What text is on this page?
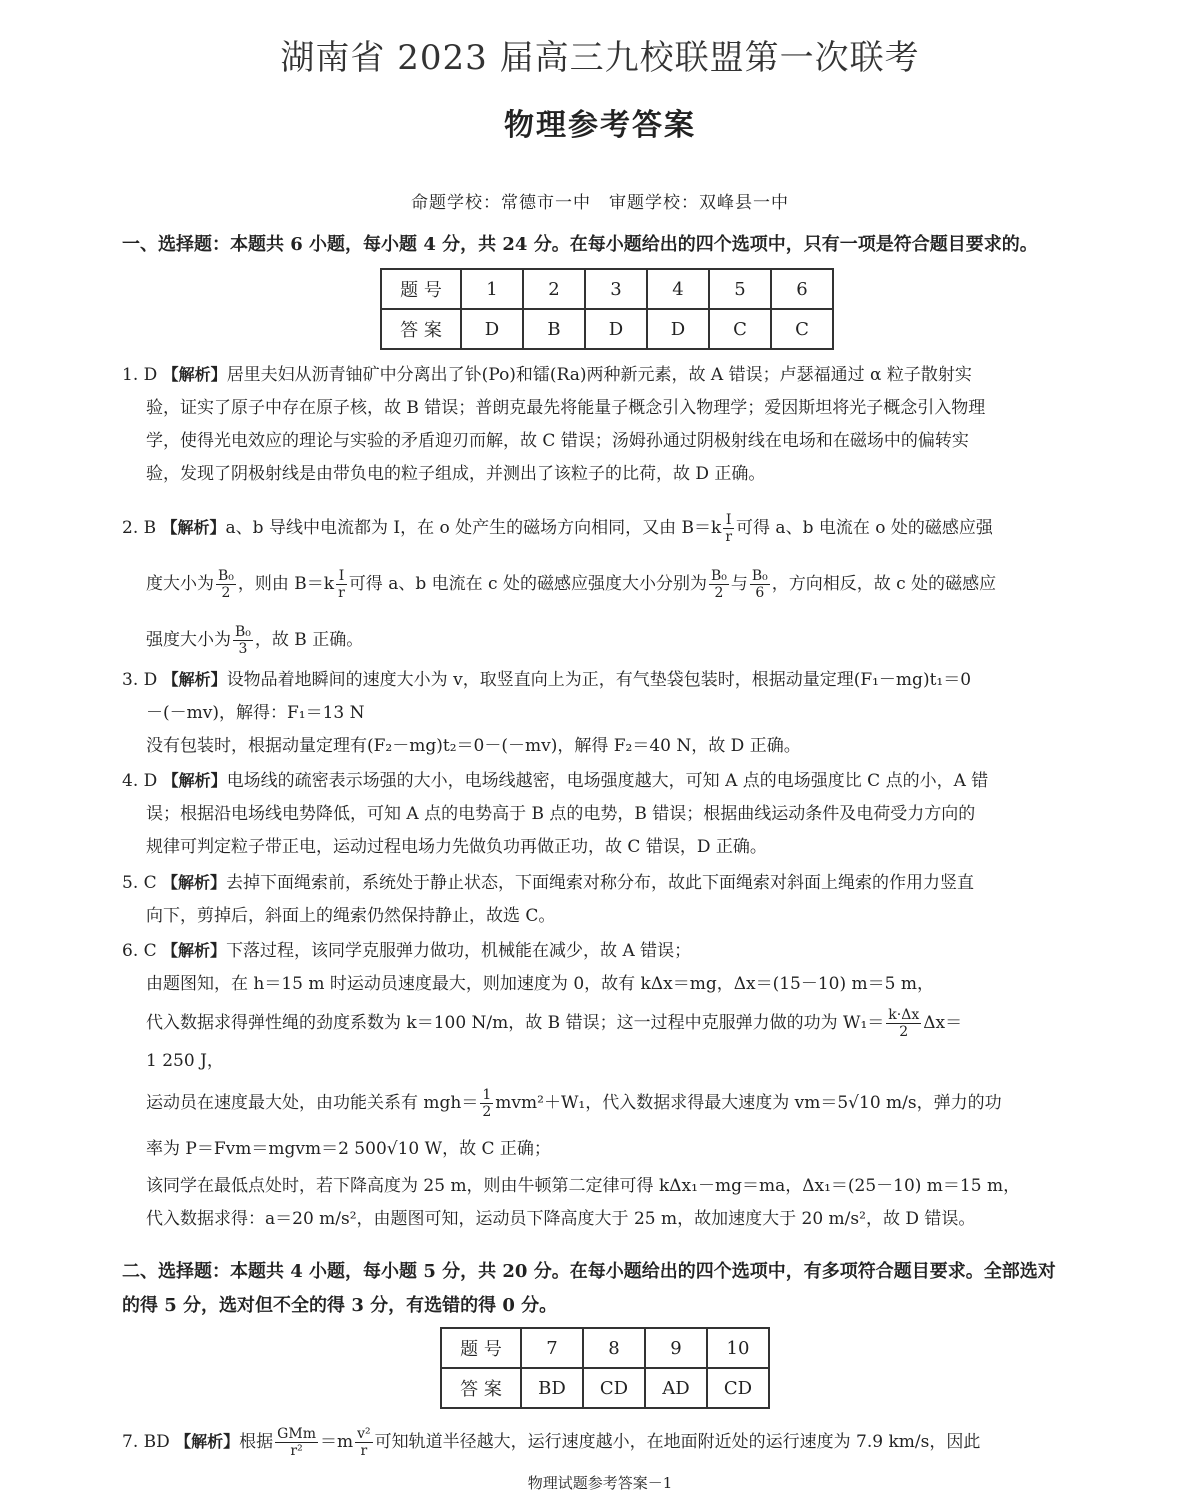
湖南省 2023 届高三九校联盟第一次联考
物理参考答案
命题学校：常德市一中　审题学校：双峰县一中
一、选择题：本题共 6 小题，每小题 4 分，共 24 分。在每小题给出的四个选项中，只有一项是符合题目要求的。
题 号	1	2	3	4	5	6
答 案	D	B	D	D	C	C

1. D 【解析】居里夫妇从沥青铀矿中分离出了钋(Po)和镭(Ra)两种新元素，故 A 错误；卢瑟福通过 α 粒子散射实

验，证实了原子中存在原子核，故 B 错误；普朗克最先将能量子概念引入物理学；爱因斯坦将光子概念引入物理

学，使得光电效应的理论与实验的矛盾迎刃而解，故 C 错误；汤姆孙通过阴极射线在电场和在磁场中的偏转实

验，发现了阴极射线是由带负电的粒子组成，并测出了该粒子的比荷，故 D 正确。

2. B 【解析】a、b 导线中电流都为 I，在 o 处产生的磁场方向相同，又由 $B=k \frac{I}{r}$ 可得 a、b 电流在 o 处的磁感应强

度大小为 $\frac{\text{B₀}}{2}$ ，则由 $B=k \frac{I}{r}$ 可得 a、b 电流在 c 处的磁感应强度大小分别为 $\frac{\text{B₀}}{2}$ 与 $\frac{\text{B₀}}{6}$ ，方向相反，故 c 处的磁感应

强度大小为 $\frac{\text{B₀}}{3}$ ，故 B 正确。

3. D 【解析】设物品着地瞬间的速度大小为 v，取竖直向上为正，有气垫袋包装时，根据动量定理(F₁－mg)t₁＝0

－(－mv)，解得：F₁＝13 N

没有包装时，根据动量定理有(F₂－mg)t₂＝0－(－mv)，解得 F₂＝40 N，故 D 正确。

4. D 【解析】电场线的疏密表示场强的大小，电场线越密，电场强度越大，可知 A 点的电场强度比 C 点的小，A 错

误；根据沿电场线电势降低，可知 A 点的电势高于 B 点的电势，B 错误；根据曲线运动条件及电荷受力方向的

规律可判定粒子带正电，运动过程电场力先做负功再做正功，故 C 错误，D 正确。

5. C 【解析】去掉下面绳索前，系统处于静止状态，下面绳索对称分布，故此下面绳索对斜面上绳索的作用力竖直

向下，剪掉后，斜面上的绳索仍然保持静止，故选 C。

6. C 【解析】下落过程，该同学克服弹力做功，机械能在减少，故 A 错误；

由题图知，在 h＝15 m 时运动员速度最大，则加速度为 0，故有 kΔx＝mg，Δx＝(15－10) m＝5 m，

代入数据求得弹性绳的劲度系数为 k＝100 N/m，故 B 错误；这一过程中克服弹力做的功为 $W_1= \frac{k\cdot\Delta x}{2} \Delta x=$

1 250 J，

运动员在速度最大处，由功能关系有 $mgh= \frac{1}{2} mvm^2+W_1$，代入数据求得最大速度为 vm＝5√10 m/s，弹力的功

率为 P＝Fvm＝mgvm＝2 500√10 W，故 C 正确；

该同学在最低点处时，若下降高度为 25 m，则由牛顿第二定律可得 kΔx₁－mg＝ma，Δx₁＝(25－10) m＝15 m，

代入数据求得：a＝20 m/s²，由题图可知，运动员下降高度大于 25 m，故加速度大于 20 m/s²，故 D 错误。

二、选择题：本题共 4 小题，每小题 5 分，共 20 分。在每小题给出的四个选项中，有多项符合题目要求。全部选对
的得 5 分，选对但不全的得 3 分，有选错的得 0 分。
题 号	7	8	9	10
答 案	BD	CD	AD	CD

7. BD 【解析】根据 $\frac{\text{GMm}}{\text{r²}} =m \frac{\text{v²}}{r}$ 可知轨道半径越大，运行速度越小，在地面附近处的运行速度为 7.9 km/s，因此

物理试题参考答案－1
